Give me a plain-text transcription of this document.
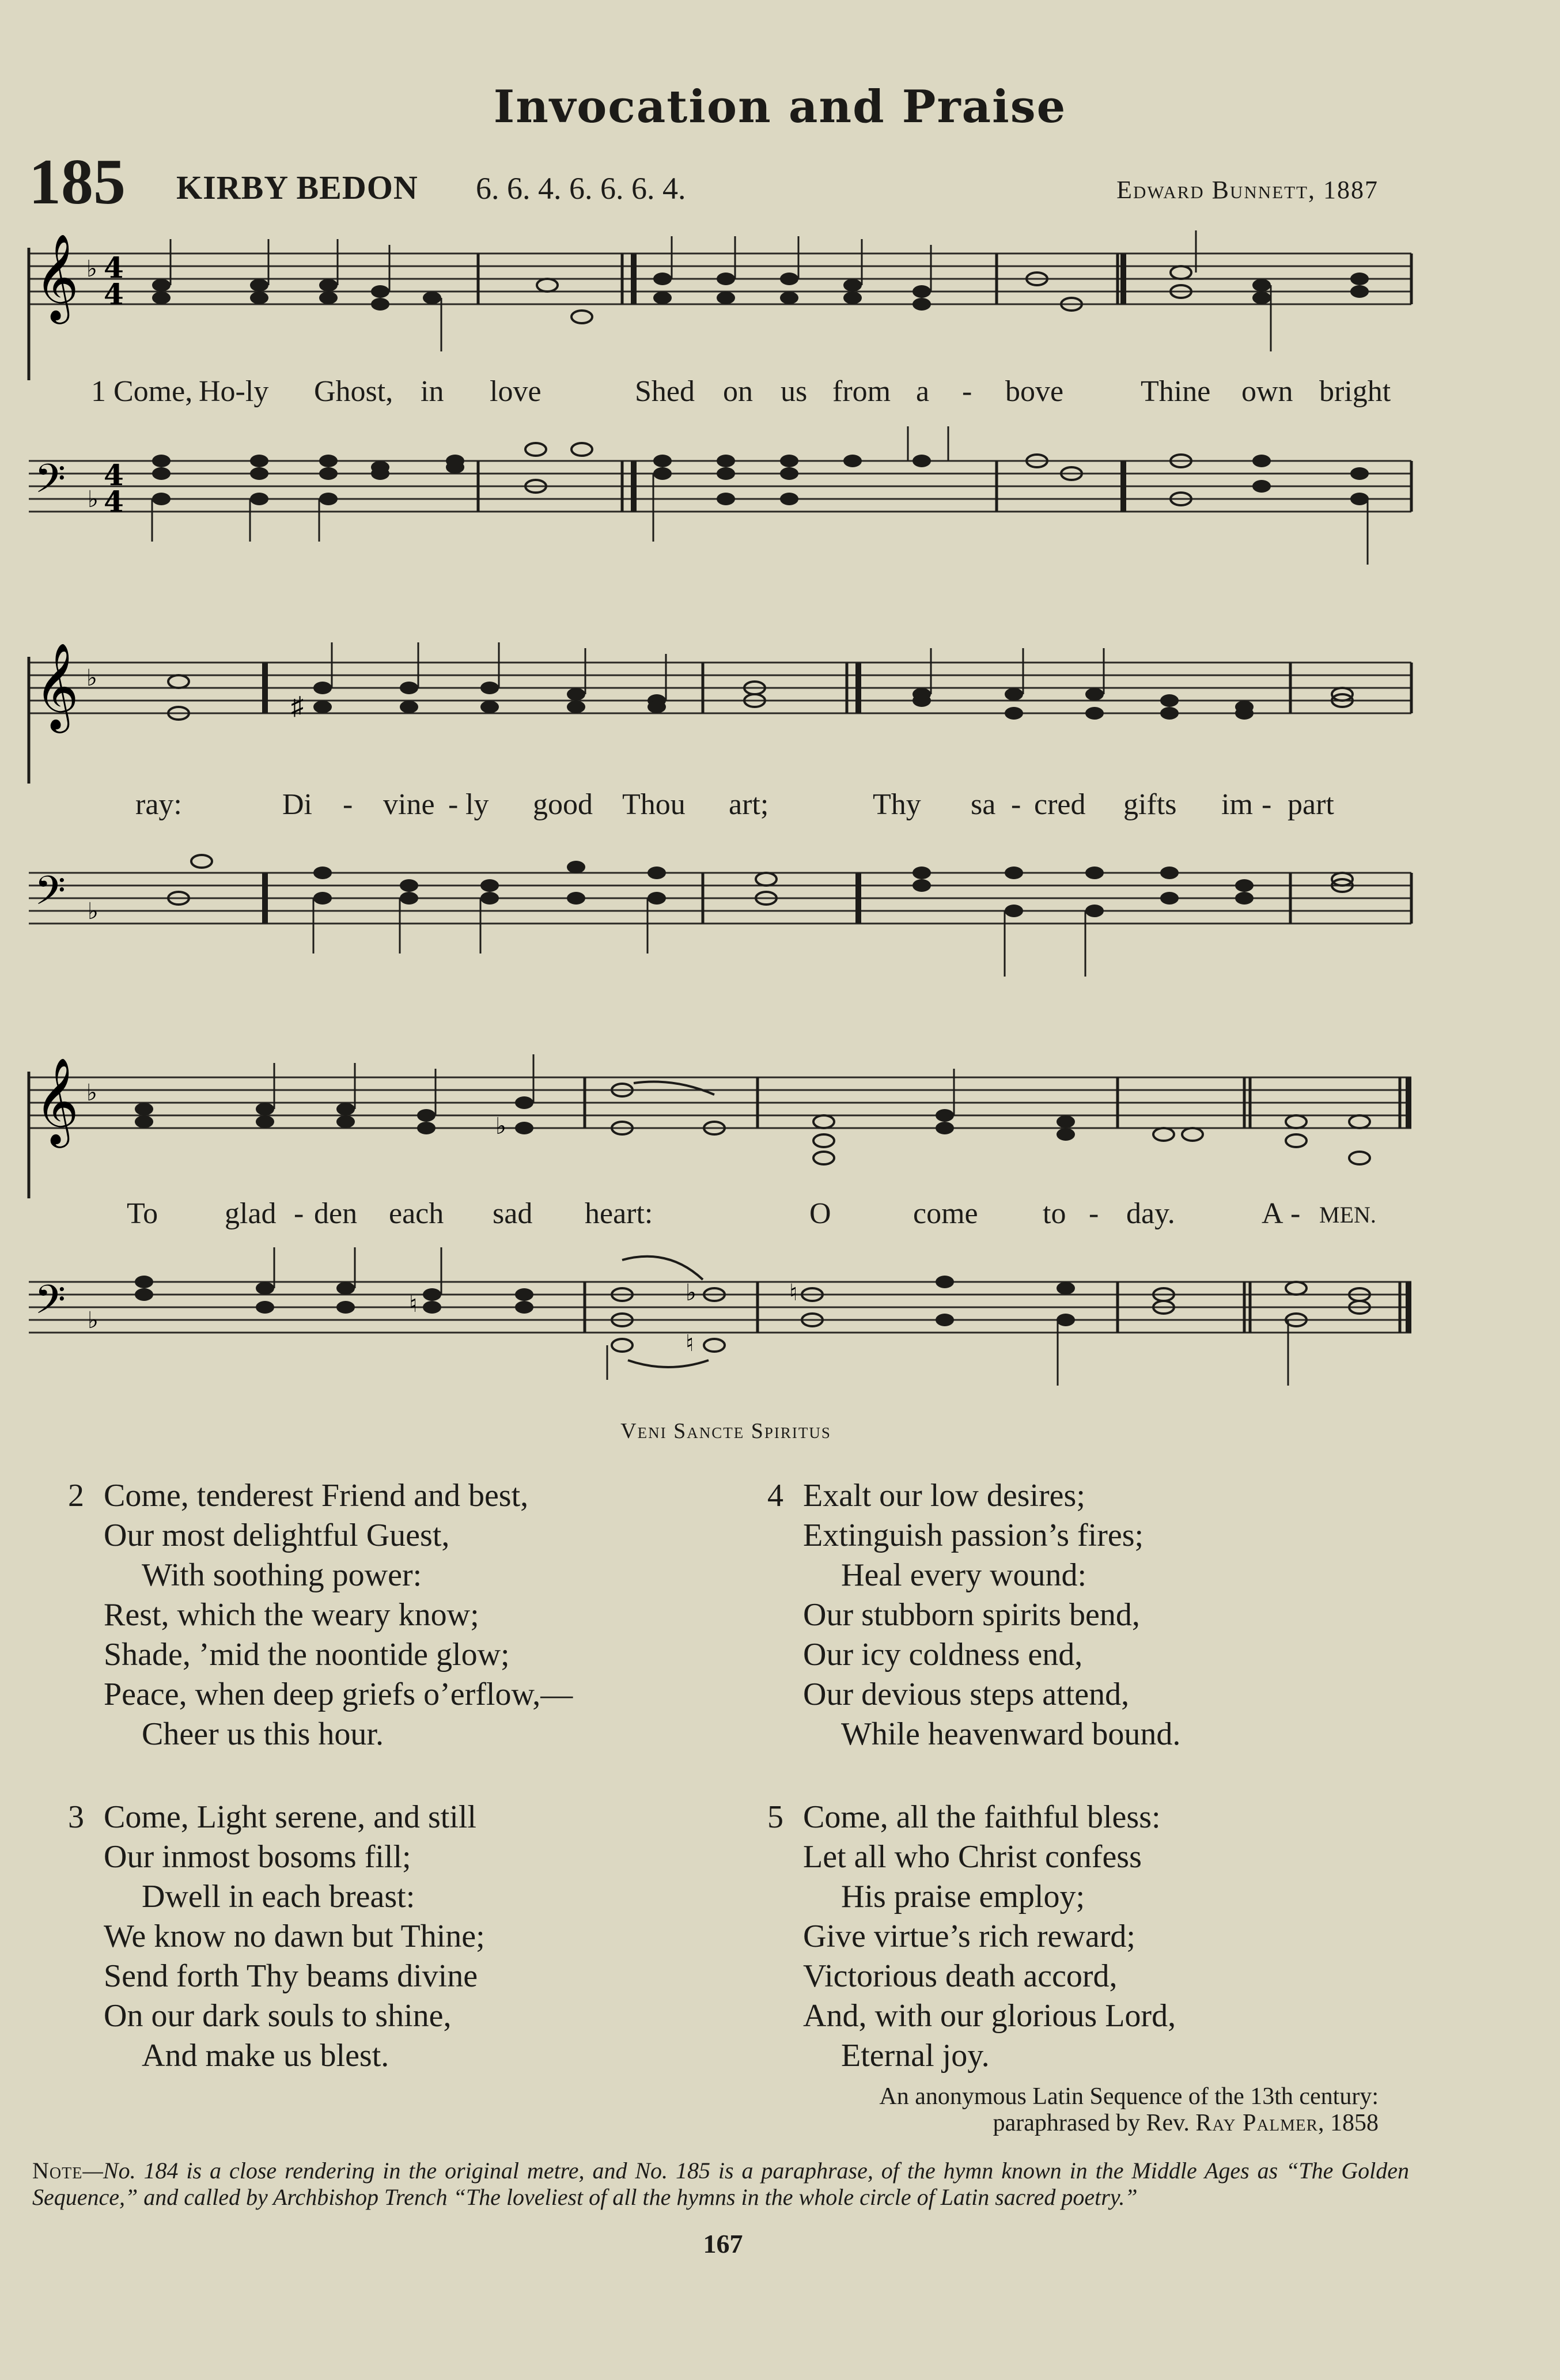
Invocation and Praise
185 KIRBY BEDON 6. 6. 4. 6. 6. 6. 4.	Edward Bunnett, 1887
𝄞 ♭ 4
4
1 Come, Ho-ly Ghost, in love	Shed on us from a - bove	Thine own bright
𝄢 ♭
4
4
𝄞 ♭
♯
ray:	Di - vine - ly good Thou art;	Thy sa - cred gifts im - part
𝄢 ♭
𝄞 ♭
♭
To glad - den each sad heart:	O	come to - day.	A - MEN.
𝄢 ♭
♮	♭
♮
♮
Veni Sancte Spiritus
2 Come, tenderest Friend and best,
Our most delightful Guest,
With soothing power:
Rest, which the weary know;
Shade, ’mid the noontide glow;
Peace, when deep griefs o’erflow,—
Cheer us this hour.
3 Come, Light serene, and still
Our inmost bosoms fill;
Dwell in each breast:
We know no dawn but Thine;
Send forth Thy beams divine
On our dark souls to shine,
And make us blest.
4 Exalt our low desires;
Extinguish passion’s fires;
Heal every wound:
Our stubborn spirits bend,
Our icy coldness end,
Our devious steps attend,
While heavenward bound.
5 Come, all the faithful bless:
Let all who Christ confess
His praise employ;
Give virtue’s rich reward;
Victorious death accord,
And, with our glorious Lord,
Eternal joy.
An anonymous Latin Sequence of the 13th century:
paraphrased by Rev. Ray Palmer, 1858
Note—No. 184 is a close rendering in the original metre, and No. 185 is a paraphrase, of the hymn known in the Middle Ages as “The Golden Sequence,” and called by Archbishop Trench “The loveliest of all the hymns in the whole circle of Latin sacred poetry.”
167
